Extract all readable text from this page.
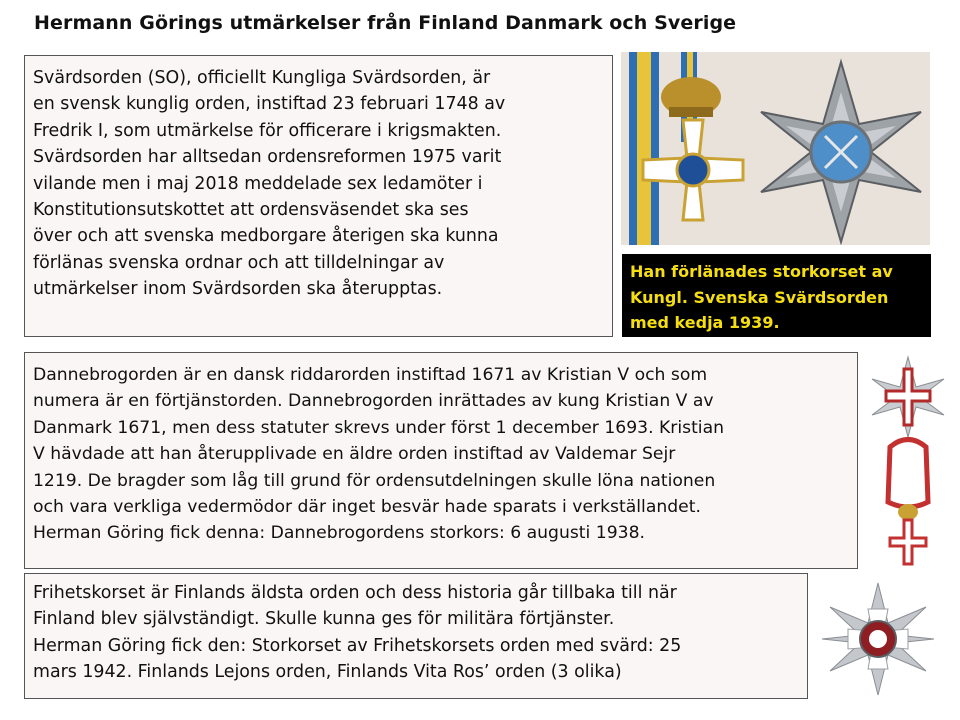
Hermann Görings utmärkelser från Finland Danmark och Sverige
Svärdsorden (SO), officiellt Kungliga Svärdsorden, är
en svensk kunglig orden, instiftad 23 februari 1748 av
Fredrik I, som utmärkelse för officerare i krigsmakten.
Svärdsorden har alltsedan ordensreformen 1975 varit
vilande men i maj 2018 meddelade sex ledamöter i
Konstitutionsutskottet att ordensväsendet ska ses
över och att svenska medborgare återigen ska kunna
förlänas svenska ordnar och att tilldelningar av
utmärkelser inom Svärdsorden ska återupptas.
Han förlänades storkorset av
Kungl. Svenska Svärdsorden
med kedja 1939.
Dannebrogorden är en dansk riddarorden instiftad 1671 av Kristian V och som
numera är en förtjänstorden. Dannebrogorden inrättades av kung Kristian V av
Danmark 1671, men dess statuter skrevs under först 1 december 1693. Kristian
V hävdade att han återupplivade en äldre orden instiftad av Valdemar Sejr
1219. De bragder som låg till grund för ordensutdelningen skulle löna nationen
och vara verkliga vedermödor där inget besvär hade sparats i verkställandet.
Herman Göring fick denna: Dannebrogordens storkors: 6 augusti 1938.
Frihetskorset är Finlands äldsta orden och dess historia går tillbaka till när
Finland blev självständigt. Skulle kunna ges för militära förtjänster.
Herman Göring fick den: Storkorset av Frihetskorsets orden med svärd: 25
mars 1942. Finlands Lejons orden, Finlands Vita Ros’ orden (3 olika)
